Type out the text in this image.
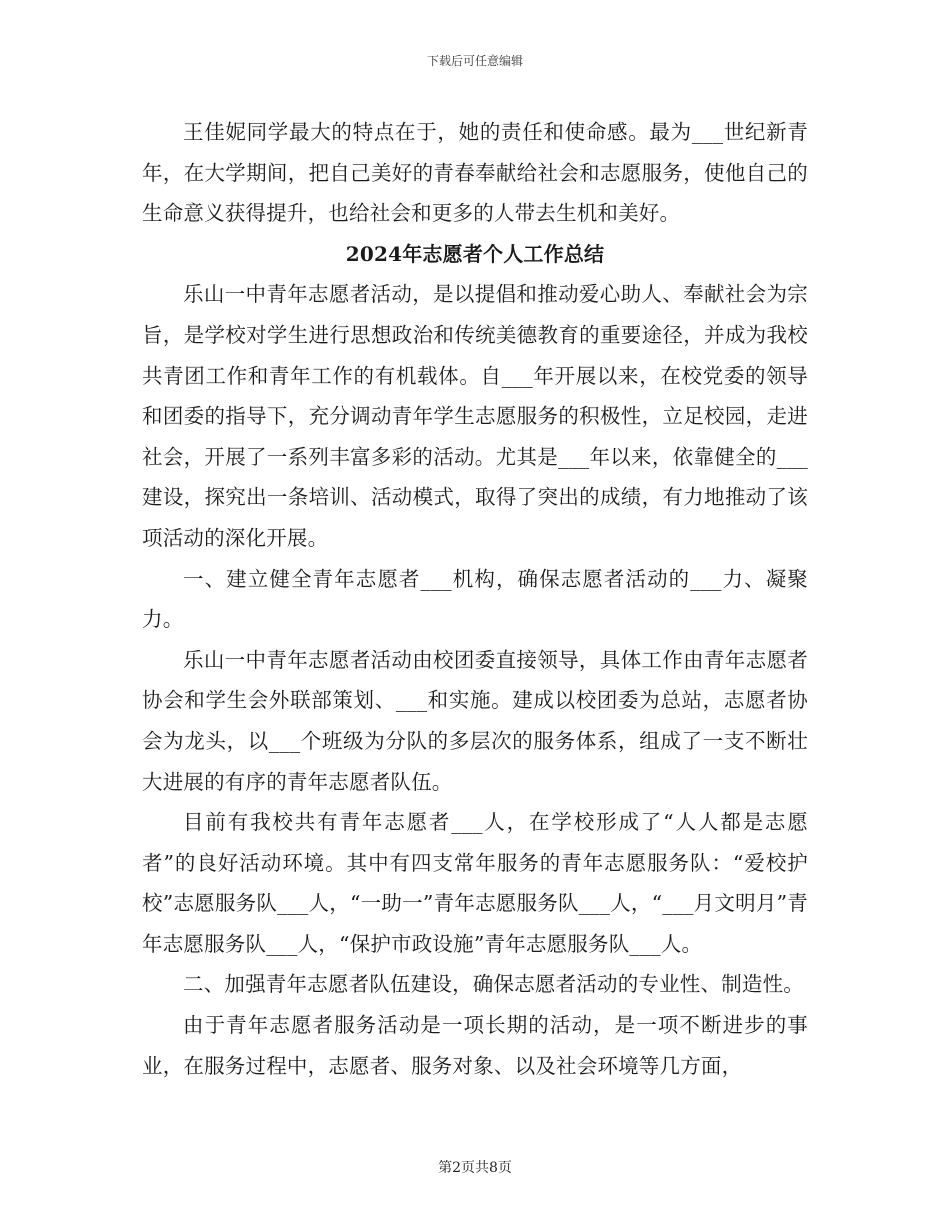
下载后可任意编辑

王佳妮同学最大的特点在于，她的责任和使命感。最为___世纪新青年，在大学期间，把自己美好的青春奉献给社会和志愿服务，使他自己的生命意义获得提升，也给社会和更多的人带去生机和美好。

2024年志愿者个人工作总结

乐山一中青年志愿者活动，是以提倡和推动爱心助人、奉献社会为宗旨，是学校对学生进行思想政治和传统美德教育的重要途径，并成为我校共青团工作和青年工作的有机载体。自___年开展以来，在校党委的领导和团委的指导下，充分调动青年学生志愿服务的积极性，立足校园，走进社会，开展了一系列丰富多彩的活动。尤其是___年以来，依靠健全的___建设，探究出一条培训、活动模式，取得了突出的成绩，有力地推动了该项活动的深化开展。

一、建立健全青年志愿者___机构，确保志愿者活动的___力、凝聚力。

乐山一中青年志愿者活动由校团委直接领导，具体工作由青年志愿者协会和学生会外联部策划、___和实施。建成以校团委为总站，志愿者协会为龙头，以___个班级为分队的多层次的服务体系，组成了一支不断壮大进展的有序的青年志愿者队伍。

目前有我校共有青年志愿者___人，在学校形成了“人人都是志愿者”的良好活动环境。其中有四支常年服务的青年志愿服务队：“爱校护校”志愿服务队___人，“一助一”青年志愿服务队___人，“___月文明月”青年志愿服务队___人，“保护市政设施”青年志愿服务队___人。

二、加强青年志愿者队伍建设，确保志愿者活动的专业性、制造性。

由于青年志愿者服务活动是一项长期的活动，是一项不断进步的事业，在服务过程中，志愿者、服务对象、以及社会环境等几方面，

第2页共8页
